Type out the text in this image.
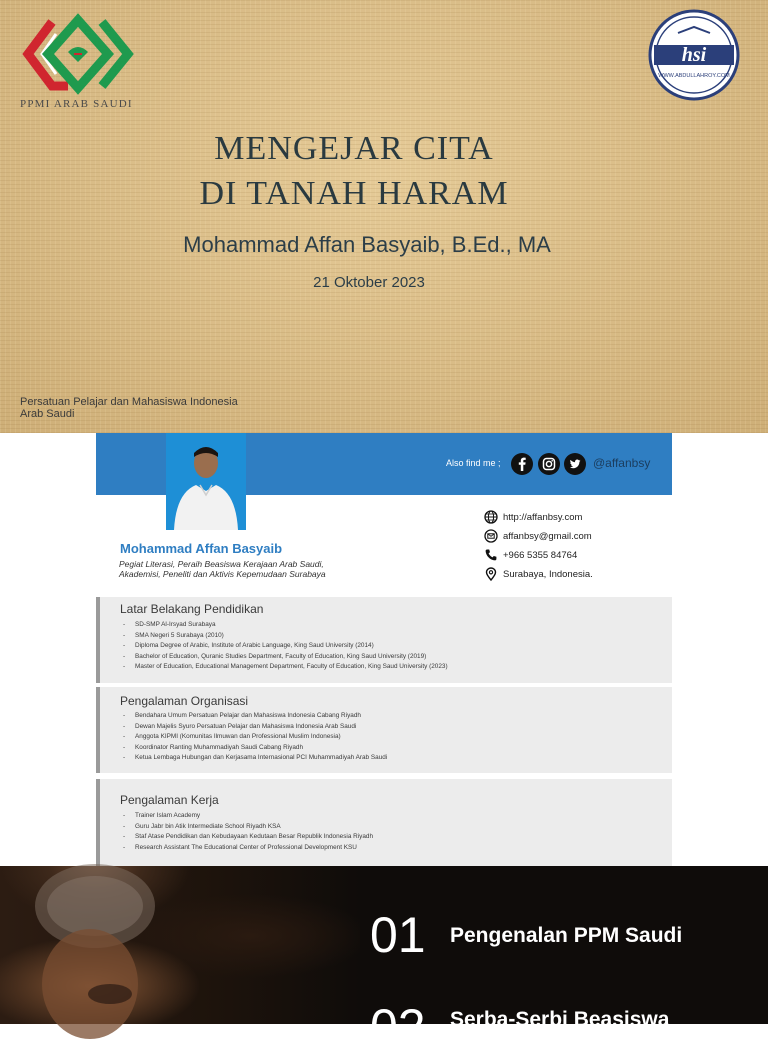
PPMI ARAB SAUDI
hsi
WWW.ABDULLAHROY.COM
MENGEJAR CITA
DI TANAH HARAM
Mohammad Affan Basyaib, B.Ed., MA
21 Oktober 2023
Persatuan Pelajar dan Mahasiswa Indonesia
Arab Saudi
Also find me ;	@affanbsy
Mohammad Affan Basyaib
Pegiat Literasi, Peraih Beasiswa Kerajaan Arab Saudi,
Akademisi, Peneliti dan Aktivis Kepemudaan Surabaya
http://affanbsy.com
affanbsy@gmail.com
+966 5355 84764
Surabaya, Indonesia.
Latar Belakang Pendidikan
- SD-SMP Al-Irsyad Surabaya
- SMA Negeri 5 Surabaya (2010)
- Diploma Degree of Arabic, Institute of Arabic Language, King Saud University (2014)
- Bachelor of Education, Quranic Studies Department, Faculty of Education, King Saud University (2019)
- Master of Education, Educational Management Department, Faculty of Education, King Saud University (2023)
Pengalaman Organisasi
- Bendahara Umum Persatuan Pelajar dan Mahasiswa Indonesia Cabang Riyadh
- Dewan Majelis Syuro Persatuan Pelajar dan Mahasiswa Indonesia Arab Saudi
- Anggota KIPMI (Komunitas Ilmuwan dan Professional Muslim Indonesia)
- Koordinator Ranting Muhammadiyah Saudi Cabang Riyadh
- Ketua Lembaga Hubungan dan Kerjasama Internasional PCI Muhammadiyah Arab Saudi
Pengalaman Kerja
- Trainer Islam Academy
- Guru Jabr bin Atik Intermediate School Riyadh KSA
- Staf Atase Pendidikan dan Kebudayaan Kedutaan Besar Republik Indonesia Riyadh
- Research Assistant The Educational Center of Professional Development KSU
01 Pengenalan PPM Saudi
02 Serba-Serbi Beasiswa
